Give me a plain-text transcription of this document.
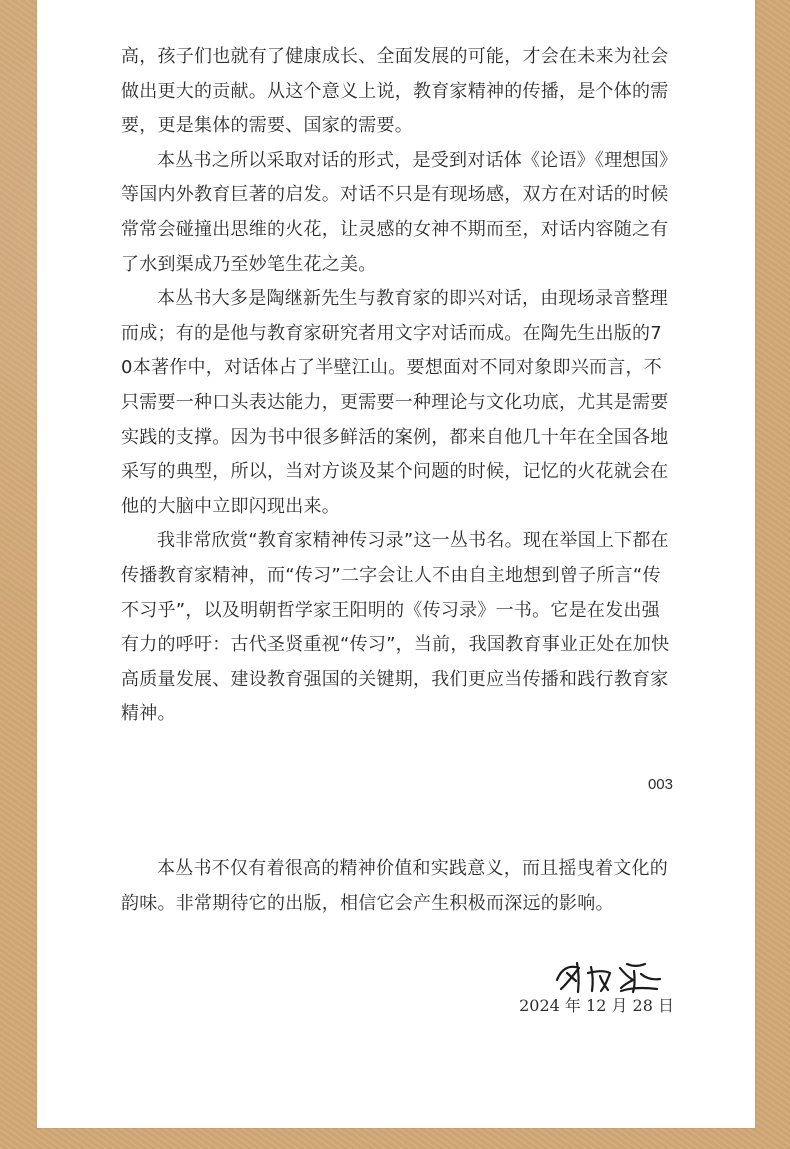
高，孩子们也就有了健康成长、全面发展的可能，才会在未来为社会做出更大的贡献。从这个意义上说，教育家精神的传播，是个体的需要，更是集体的需要、国家的需要。

本丛书之所以采取对话的形式，是受到对话体《论语》《理想国》等国内外教育巨著的启发。对话不只是有现场感，双方在对话的时候常常会碰撞出思维的火花，让灵感的女神不期而至，对话内容随之有了水到渠成乃至妙笔生花之美。

本丛书大多是陶继新先生与教育家的即兴对话，由现场录音整理而成；有的是他与教育家研究者用文字对话而成。在陶先生出版的70本著作中，对话体占了半壁江山。要想面对不同对象即兴而言，不只需要一种口头表达能力，更需要一种理论与文化功底，尤其是需要实践的支撑。因为书中很多鲜活的案例，都来自他几十年在全国各地采写的典型，所以，当对方谈及某个问题的时候，记忆的火花就会在他的大脑中立即闪现出来。

我非常欣赏“教育家精神传习录”这一丛书名。现在举国上下都在传播教育家精神，而“传习”二字会让人不由自主地想到曾子所言“传不习乎”，以及明朝哲学家王阳明的《传习录》一书。它是在发出强有力的呼吁：古代圣贤重视“传习”，当前，我国教育事业正处在加快高质量发展、建设教育强国的关键期，我们更应当传播和践行教育家精神。

003

本丛书不仅有着很高的精神价值和实践意义，而且摇曳着文化的韵味。非常期待它的出版，相信它会产生积极而深远的影响。

2024 年 12 月 28 日
